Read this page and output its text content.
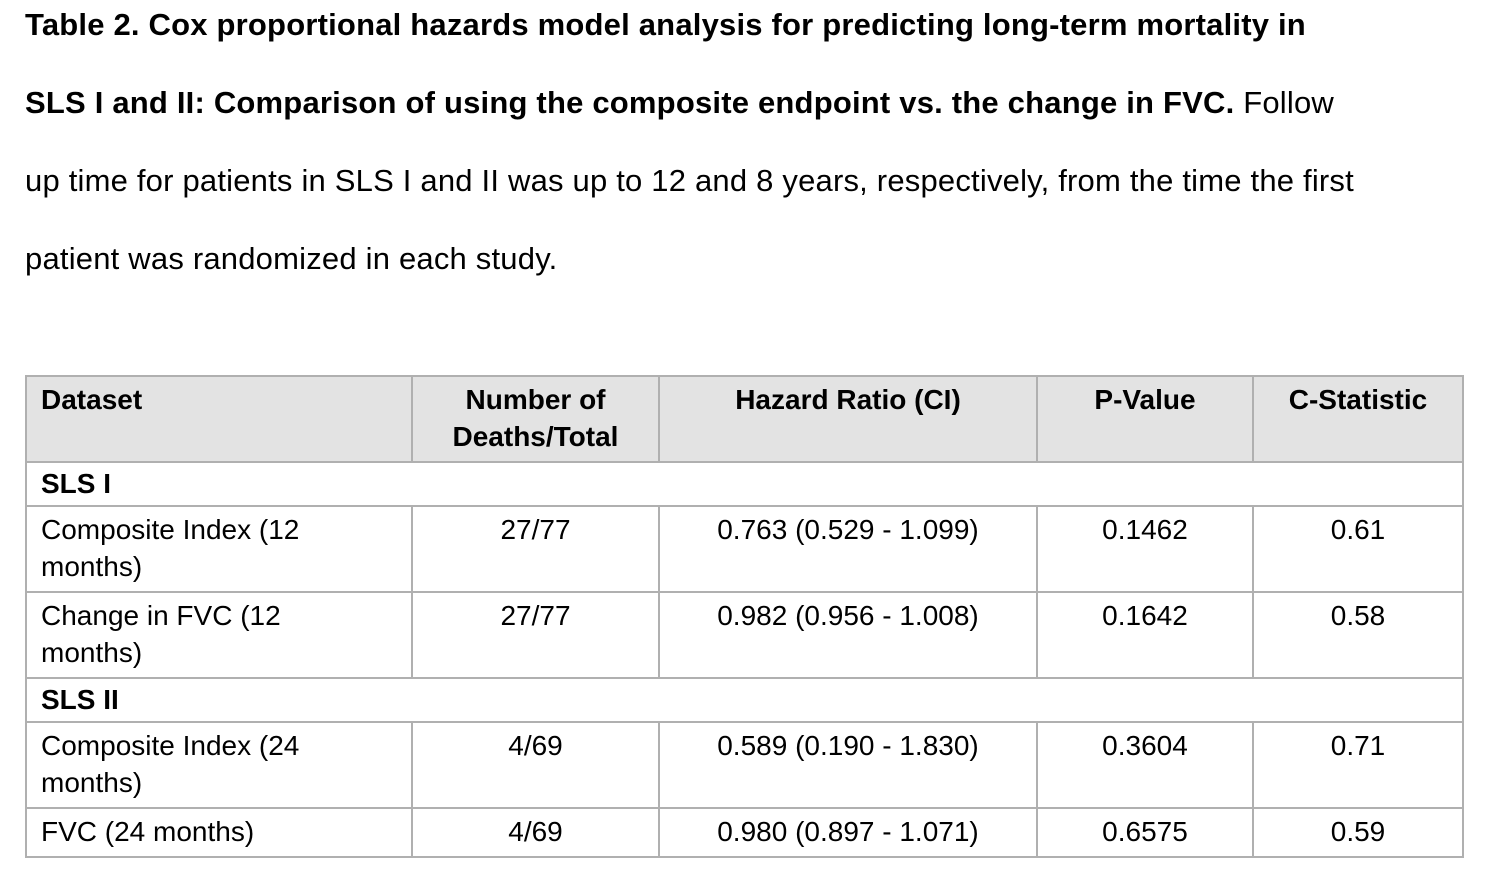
Table 2. Cox proportional hazards model analysis for predicting long-term mortality in
SLS I and II: Comparison of using the composite endpoint vs. the change in FVC. Follow
up time for patients in SLS I and II was up to 12 and 8 years, respectively, from the time the first
patient was randomized in each study.
Dataset	Number of Deaths/Total	Hazard Ratio (CI)	P-Value	C-Statistic
SLS I				

Composite Index (12 months)	27/77	0.763 (0.529 - 1.099)	0.1462	0.61

Change in FVC (12 months)	27/77	0.982 (0.956 - 1.008)	0.1642	0.58
SLS II				

Composite Index (24 months)	4/69	0.589 (0.190 - 1.830)	0.3604	0.71

FVC (24 months)	4/69	0.980 (0.897 - 1.071)	0.6575	0.59
